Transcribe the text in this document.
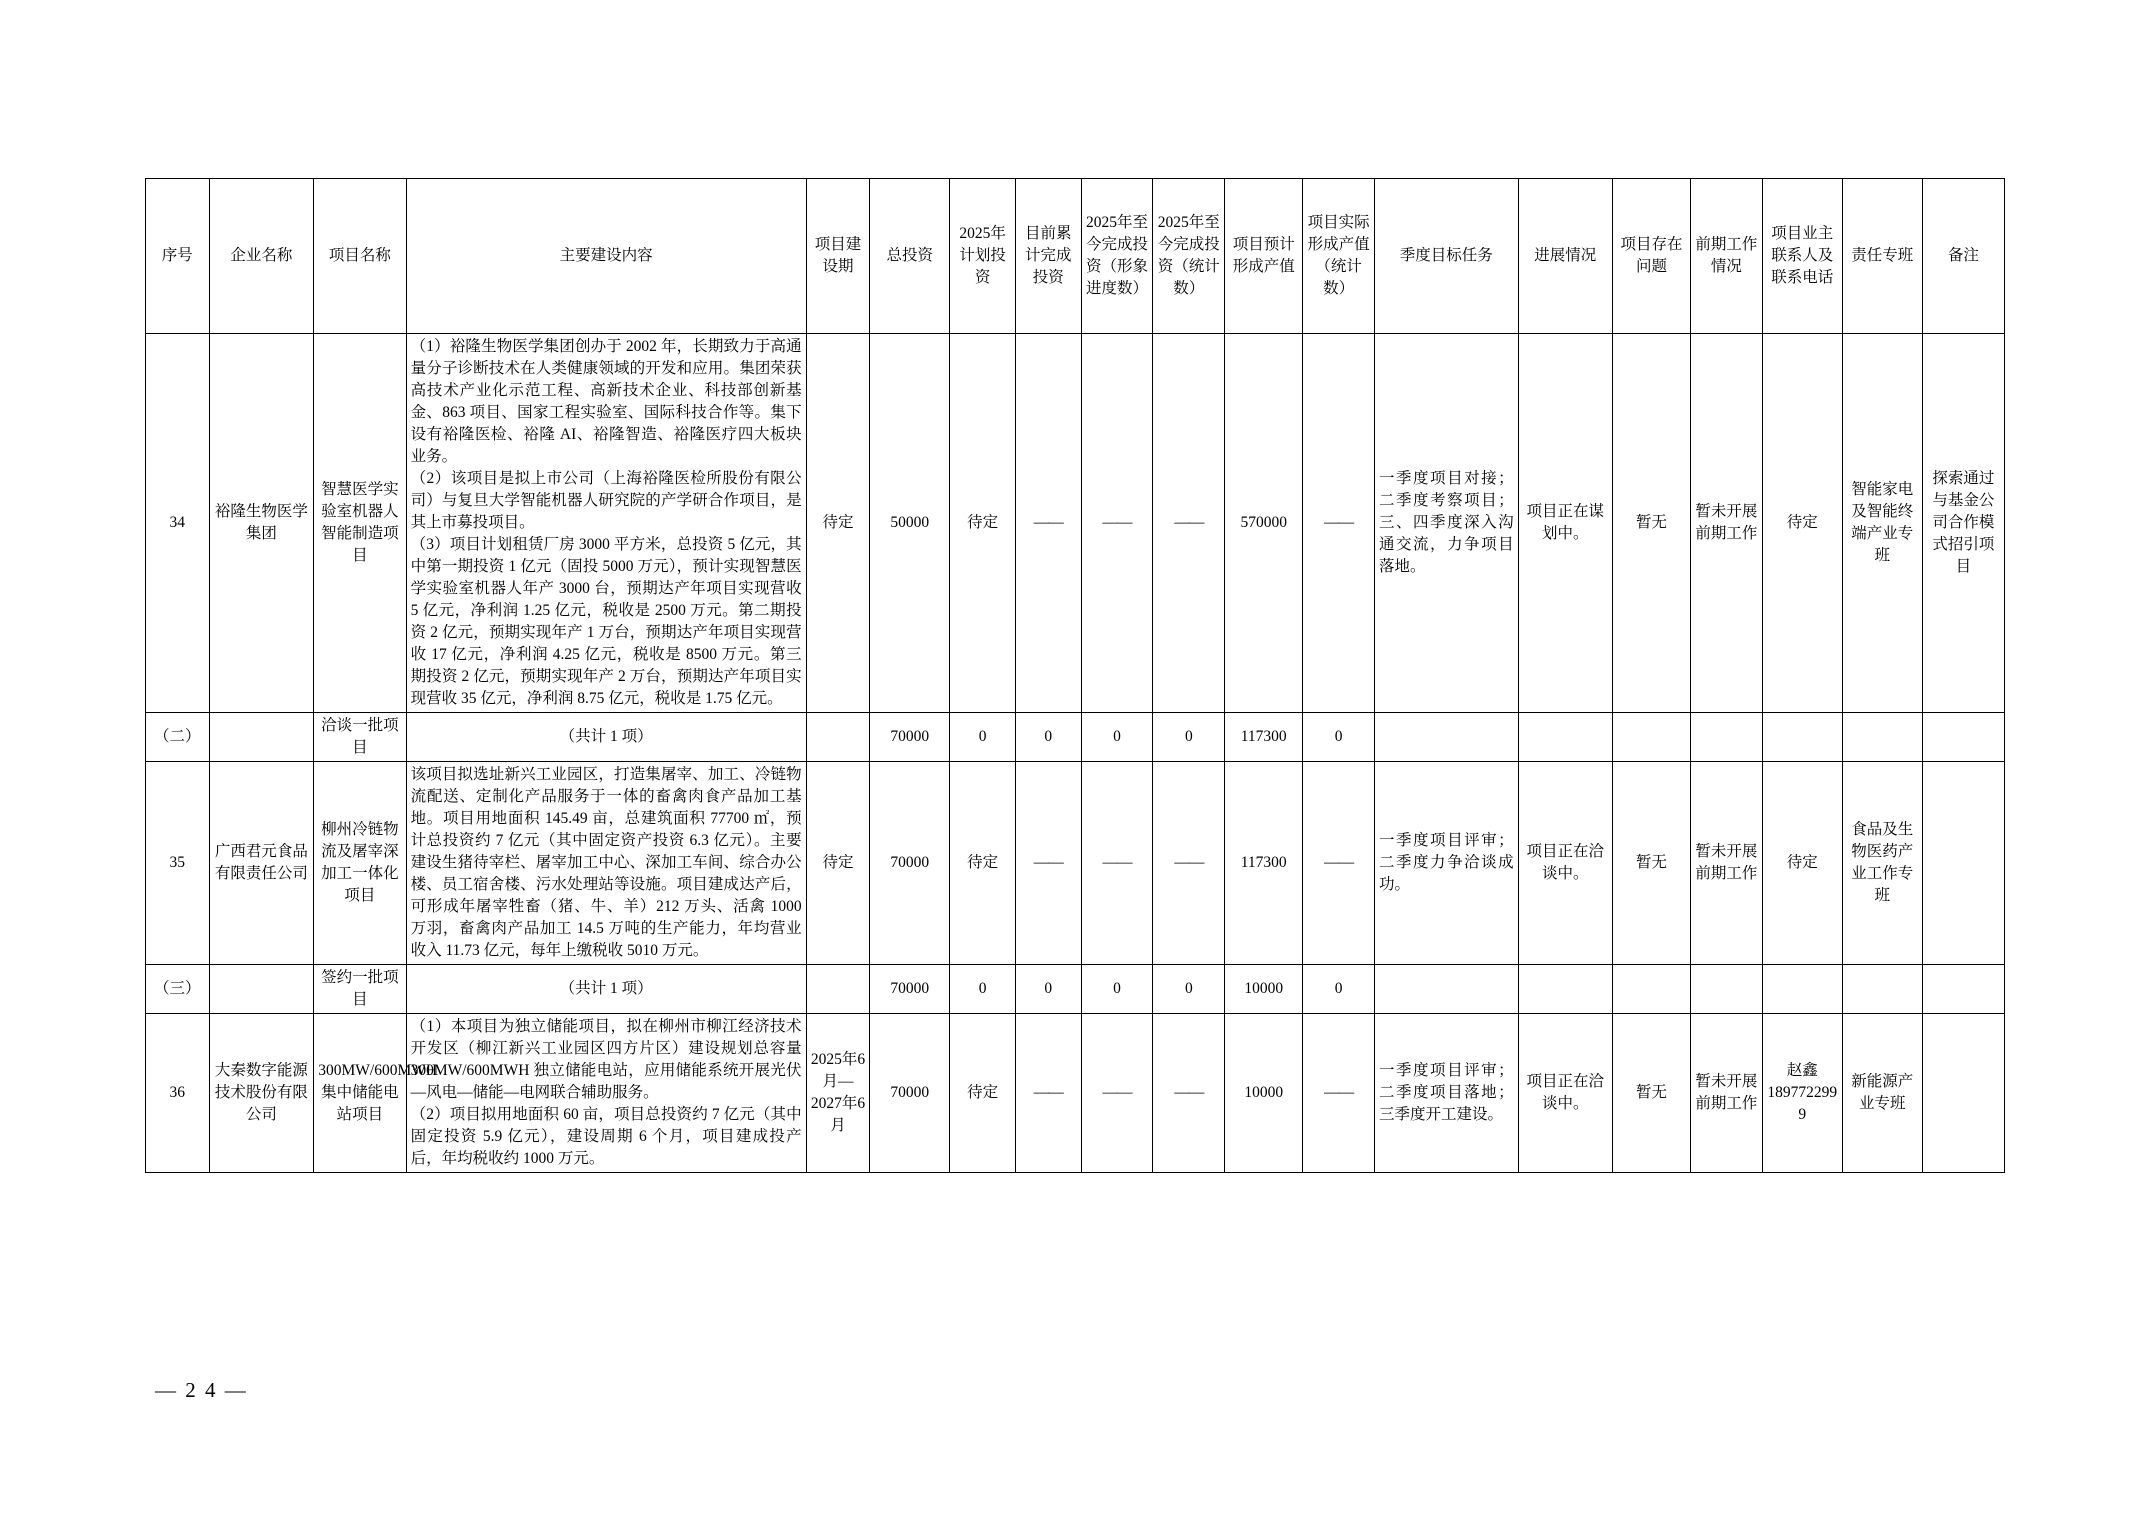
序号	企业名称	项目名称	主要建设内容	项目建设期	总投资	2025年计划投资	目前累计完成投资	2025年至今完成投资（形象进度数）	2025年至今完成投资（统计数）	项目预计形成产值	项目实际形成产值（统计数）	季度目标任务	进展情况	项目存在问题	前期工作情况	项目业主联系人及联系电话	责任专班	备注
34	裕隆生物医学集团	智慧医学实验室机器人智能制造项目	（1）裕隆生物医学集团创办于 2002 年，长期致力于高通量分子诊断技术在人类健康领域的开发和应用。集团荣获高技术产业化示范工程、高新技术企业、科技部创新基金、863 项目、国家工程实验室、国际科技合作等。集下设有裕隆医检、裕隆 AI、裕隆智造、裕隆医疗四大板块业务。
（2）该项目是拟上市公司（上海裕隆医检所股份有限公司）与复旦大学智能机器人研究院的产学研合作项目，是其上市募投项目。
（3）项目计划租赁厂房 3000 平方米，总投资 5 亿元，其中第一期投资 1 亿元（固投 5000 万元），预计实现智慧医学实验室机器人年产 3000 台，预期达产年项目实现营收 5 亿元，净利润 1.25 亿元，税收是 2500 万元。第二期投资 2 亿元，预期实现年产 1 万台，预期达产年项目实现营收 17 亿元，净利润 4.25 亿元，税收是 8500 万元。第三期投资 2 亿元，预期实现年产 2 万台，预期达产年项目实现营收 35 亿元，净利润 8.75 亿元，税收是 1.75 亿元。	待定	50000	待定	——	——	——	570000	——	一季度项目对接；二季度考察项目；三、四季度深入沟通交流，力争项目落地。	项目正在谋划中。	暂无	暂未开展前期工作	待定	智能家电及智能终端产业专班	探索通过与基金公司合作模式招引项目
（二）		洽谈一批项目	（共计 1 项）		70000	0	0	0	0	117300	0							
35	广西君元食品有限责任公司	柳州冷链物流及屠宰深加工一体化项目	该项目拟选址新兴工业园区，打造集屠宰、加工、冷链物流配送、定制化产品服务于一体的畜禽肉食产品加工基地。项目用地面积 145.49 亩，总建筑面积 77700 ㎡，预计总投资约 7 亿元（其中固定资产投资 6.3 亿元）。主要建设生猪待宰栏、屠宰加工中心、深加工车间、综合办公楼、员工宿舍楼、污水处理站等设施。项目建成达产后，可形成年屠宰牲畜（猪、牛、羊）212 万头、活禽 1000 万羽，畜禽肉产品加工 14.5 万吨的生产能力，年均营业收入 11.73 亿元，每年上缴税收 5010 万元。	待定	70000	待定	——	——	——	117300	——	一季度项目评审；二季度力争洽谈成功。	项目正在洽谈中。	暂无	暂未开展前期工作	待定	食品及生物医药产业工作专班	
（三）		签约一批项目	（共计 1 项）		70000	0	0	0	0	10000	0							
36	大秦数字能源技术股份有限公司	300MW/600MWH 集中储能电站项目	（1）本项目为独立储能项目，拟在柳州市柳江经济技术开发区（柳江新兴工业园区四方片区）建设规划总容量 300MW/600MWH 独立储能电站，应用储能系统开展光伏—风电—储能—电网联合辅助服务。
（2）项目拟用地面积 60 亩，项目总投资约 7 亿元（其中固定投资 5.9 亿元），建设周期 6 个月，项目建成投产后，年均税收约 1000 万元。	2025年6月—2027年6月	70000	待定	——	——	——	10000	——	一季度项目评审；二季度项目落地；三季度开工建设。	项目正在洽谈中。	暂无	暂未开展前期工作	赵鑫189772299 9	新能源产业专班	
— 2 4 —
